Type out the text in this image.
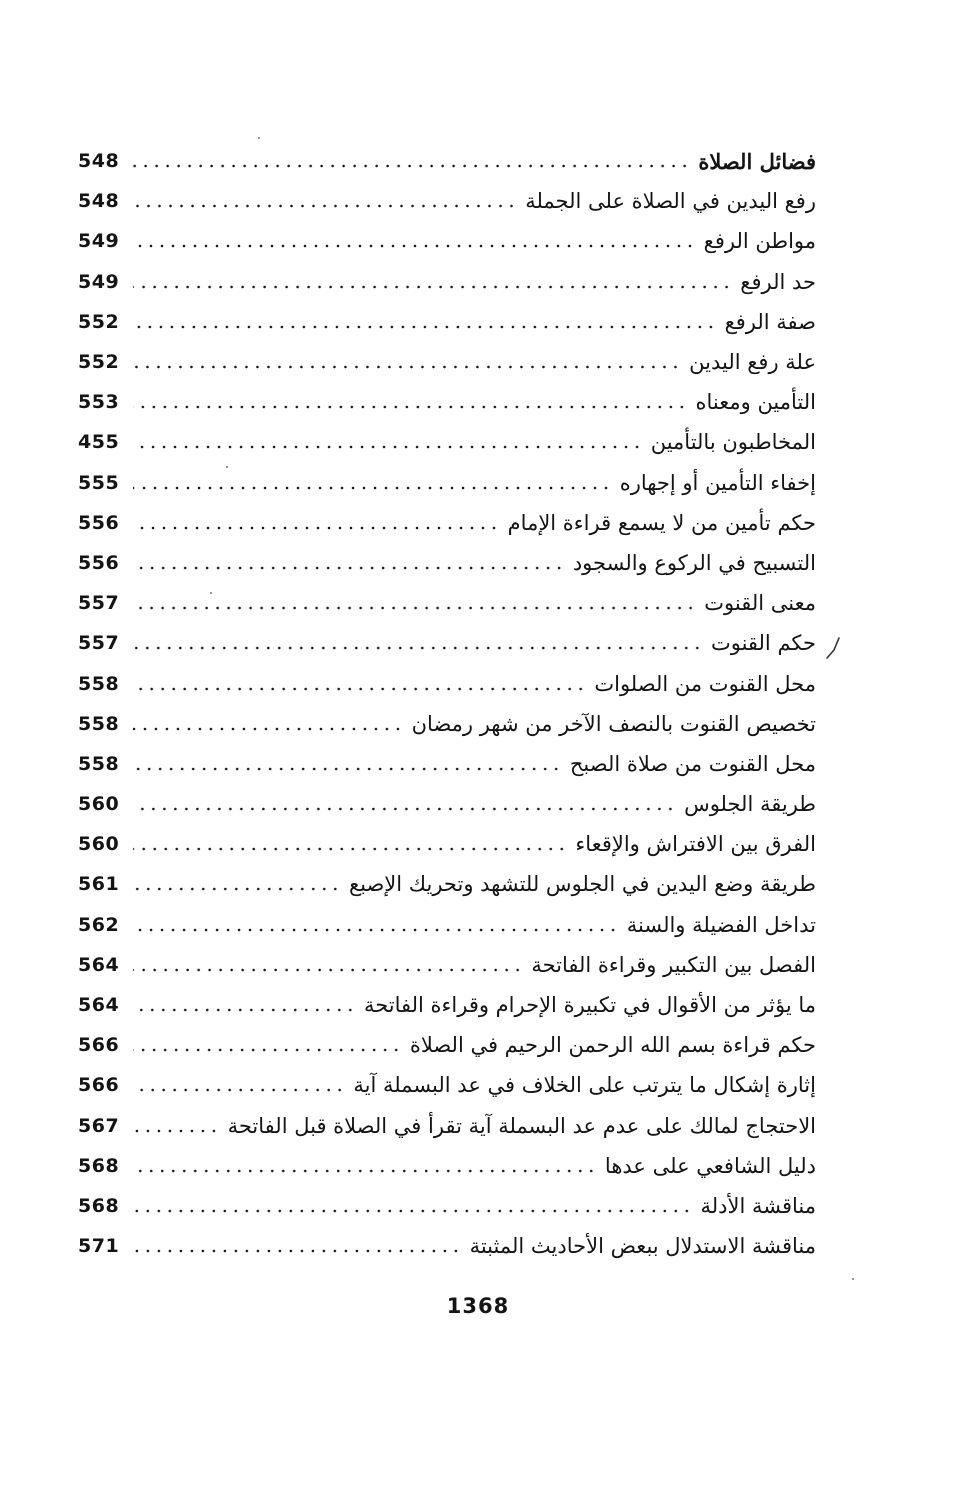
548	فضائل الصلاة
548	رفع اليدين في الصلاة على الجملة
549	مواطن الرفع
549	حد الرفع
552	صفة الرفع
552	علة رفع اليدين
553	التأمين ومعناه
455	المخاطبون بالتأمين
555	إخفاء التأمين أو إجهاره
556	حكم تأمين من لا يسمع قراءة الإمام
556	التسبيح في الركوع والسجود
557	معنى القنوت
557	حكم القنوت
558	محل القنوت من الصلوات
558	تخصيص القنوت بالنصف الآخر من شهر رمضان
558	محل القنوت من صلاة الصبح
560	طريقة الجلوس
560	الفرق بين الافتراش والإقعاء
561	طريقة وضع اليدين في الجلوس للتشهد وتحريك الإصبع
562	تداخل الفضيلة والسنة
564	الفصل بين التكبير وقراءة الفاتحة
564	ما يؤثر من الأقوال في تكبيرة الإحرام وقراءة الفاتحة
566	حكم قراءة بسم الله الرحمن الرحيم في الصلاة
566	إثارة إشكال ما يترتب على الخلاف في عد البسملة آية
567	الاحتجاج لمالك على عدم عد البسملة آية تقرأ في الصلاة قبل الفاتحة
568	دليل الشافعي على عدها
568	مناقشة الأدلة
571	مناقشة الاستدلال ببعض الأحاديث المثبتة
1368
